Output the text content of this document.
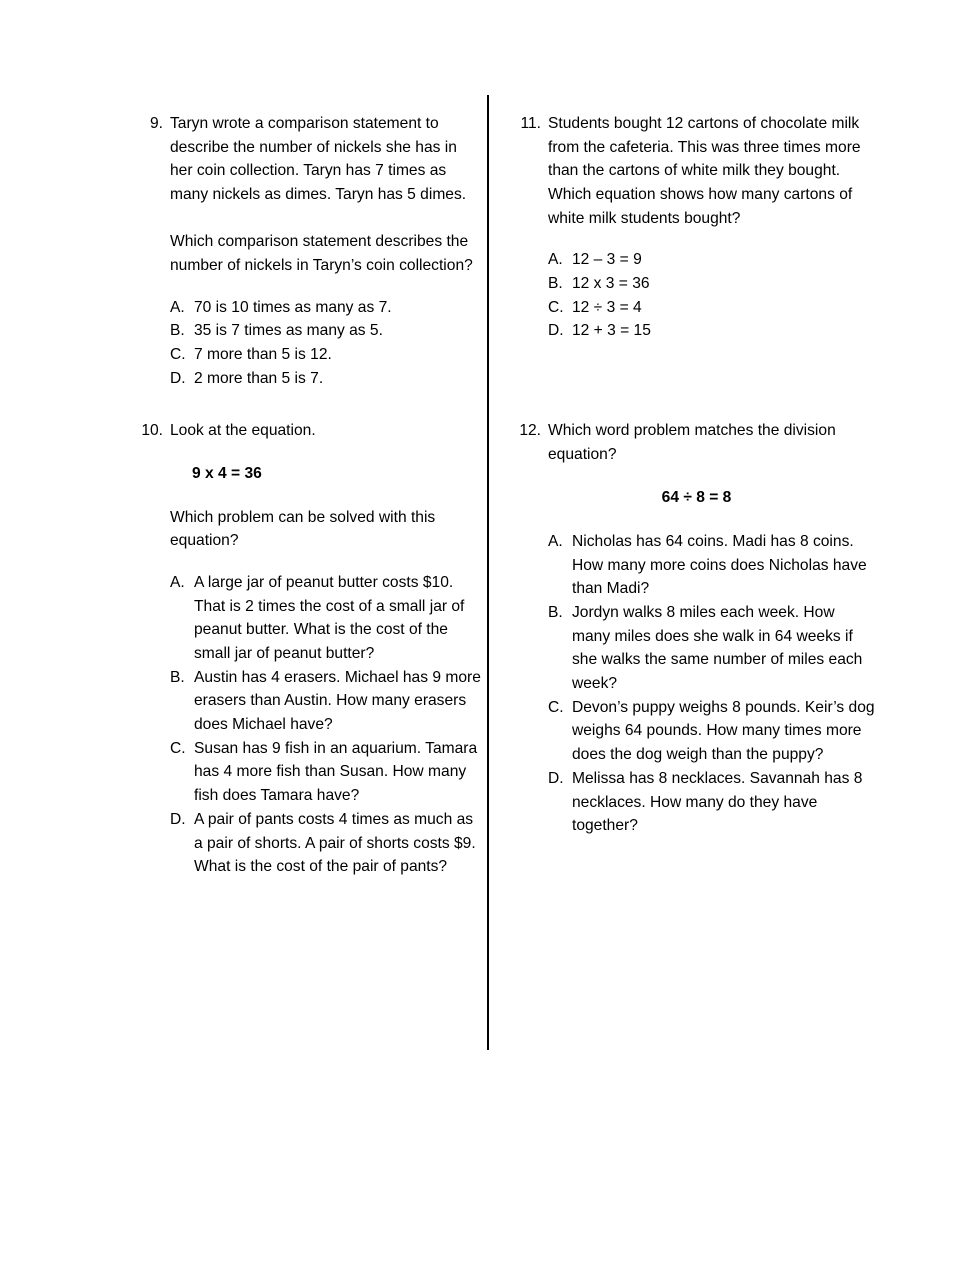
9. Taryn wrote a comparison statement to describe the number of nickels she has in her coin collection. Taryn has 7 times as many nickels as dimes. Taryn has 5 dimes.

Which comparison statement describes the number of nickels in Taryn’s coin collection?

A. 70 is 10 times as many as 7.
B. 35 is 7 times as many as 5.
C. 7 more than 5 is 12.
D. 2 more than 5 is 7.
10. Look at the equation.

9 x 4 = 36

Which problem can be solved with this equation?

A. A large jar of peanut butter costs $10. That is 2 times the cost of a small jar of peanut butter. What is the cost of the small jar of peanut butter?
B. Austin has 4 erasers. Michael has 9 more erasers than Austin. How many erasers does Michael have?
C. Susan has 9 fish in an aquarium. Tamara has 4 more fish than Susan. How many fish does Tamara have?
D. A pair of pants costs 4 times as much as a pair of shorts. A pair of shorts costs $9. What is the cost of the pair of pants?
11. Students bought 12 cartons of chocolate milk from the cafeteria. This was three times more than the cartons of white milk they bought. Which equation shows how many cartons of white milk students bought?

A. 12 – 3 = 9
B. 12 x 3 = 36
C. 12 ÷ 3 = 4
D. 12 + 3 = 15
12. Which word problem matches the division equation?

64 ÷ 8 = 8
A. Nicholas has 64 coins. Madi has 8 coins. How many more coins does Nicholas have than Madi?
B. Jordyn walks 8 miles each week. How many miles does she walk in 64 weeks if she walks the same number of miles each week?
C. Devon’s puppy weighs 8 pounds. Keir’s dog weighs 64 pounds. How many times more does the dog weigh than the puppy?
D. Melissa has 8 necklaces. Savannah has 8 necklaces. How many do they have together?
